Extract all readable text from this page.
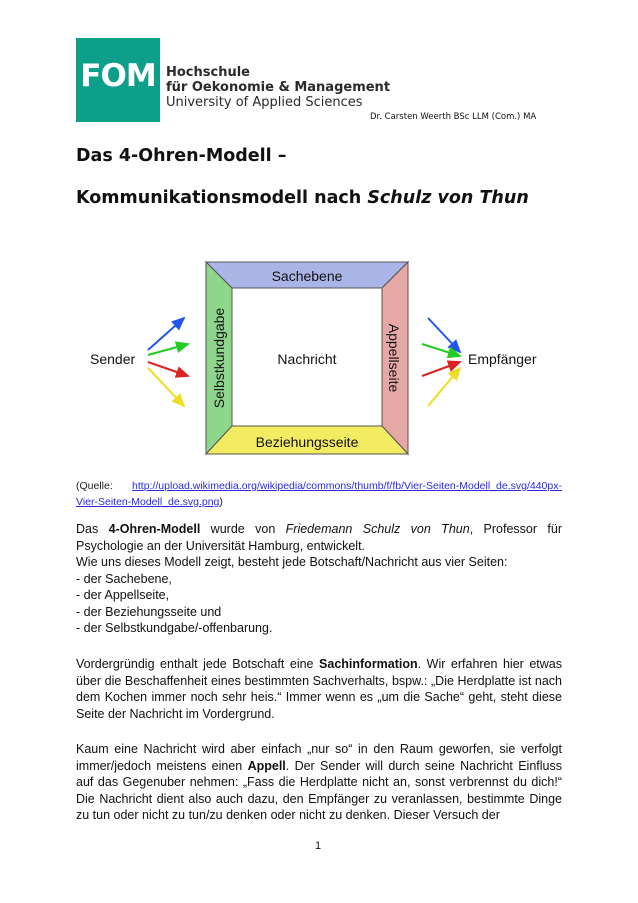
FOM Hochschule
für Oekonomie & Management
University of Applied Sciences
Dr. Carsten Weerth BSc LLM (Com.) MA
Das 4-Ohren-Modell –
Kommunikationsmodell nach Schulz von Thun
Sachebene
Beziehungsseite
Nachricht
Selbstkundgabe	Appellseite
Sender	Empfänger
(Quelle: http://upload.wikimedia.org/wikipedia/commons/thumb/f/fb/Vier-Seiten-Modell_de.svg/440px- Vier-Seiten-Modell_de.svg.png)
Das 4-Ohren-Modell wurde von Friedemann Schulz von Thun, Professor für Psychologie an der Universität Hamburg, entwickelt.
Wie uns dieses Modell zeigt, besteht jede Botschaft/Nachricht aus vier Seiten:
- der Sachebene,
- der Appellseite,
- der Beziehungsseite und
- der Selbstkundgabe/-offenbarung.
Vordergründig enthalt jede Botschaft eine Sachinformation. Wir erfahren hier etwas über die Beschaffenheit eines bestimmten Sachverhalts, bspw.: „Die Herdplatte ist nach dem Kochen immer noch sehr heis.“ Immer wenn es „um die Sache“ geht, steht diese Seite der Nachricht im Vordergrund.
Kaum eine Nachricht wird aber einfach „nur so“ in den Raum geworfen, sie verfolgt immer/jedoch meistens einen Appell. Der Sender will durch seine Nachricht Einfluss auf das Gegenuber nehmen: „Fass die Herdplatte nicht an, sonst verbrennst du dich!“ Die Nachricht dient also auch dazu, den Empfänger zu veranlassen, bestimmte Dinge zu tun oder nicht zu tun/zu denken oder nicht zu denken. Dieser Versuch der
1
